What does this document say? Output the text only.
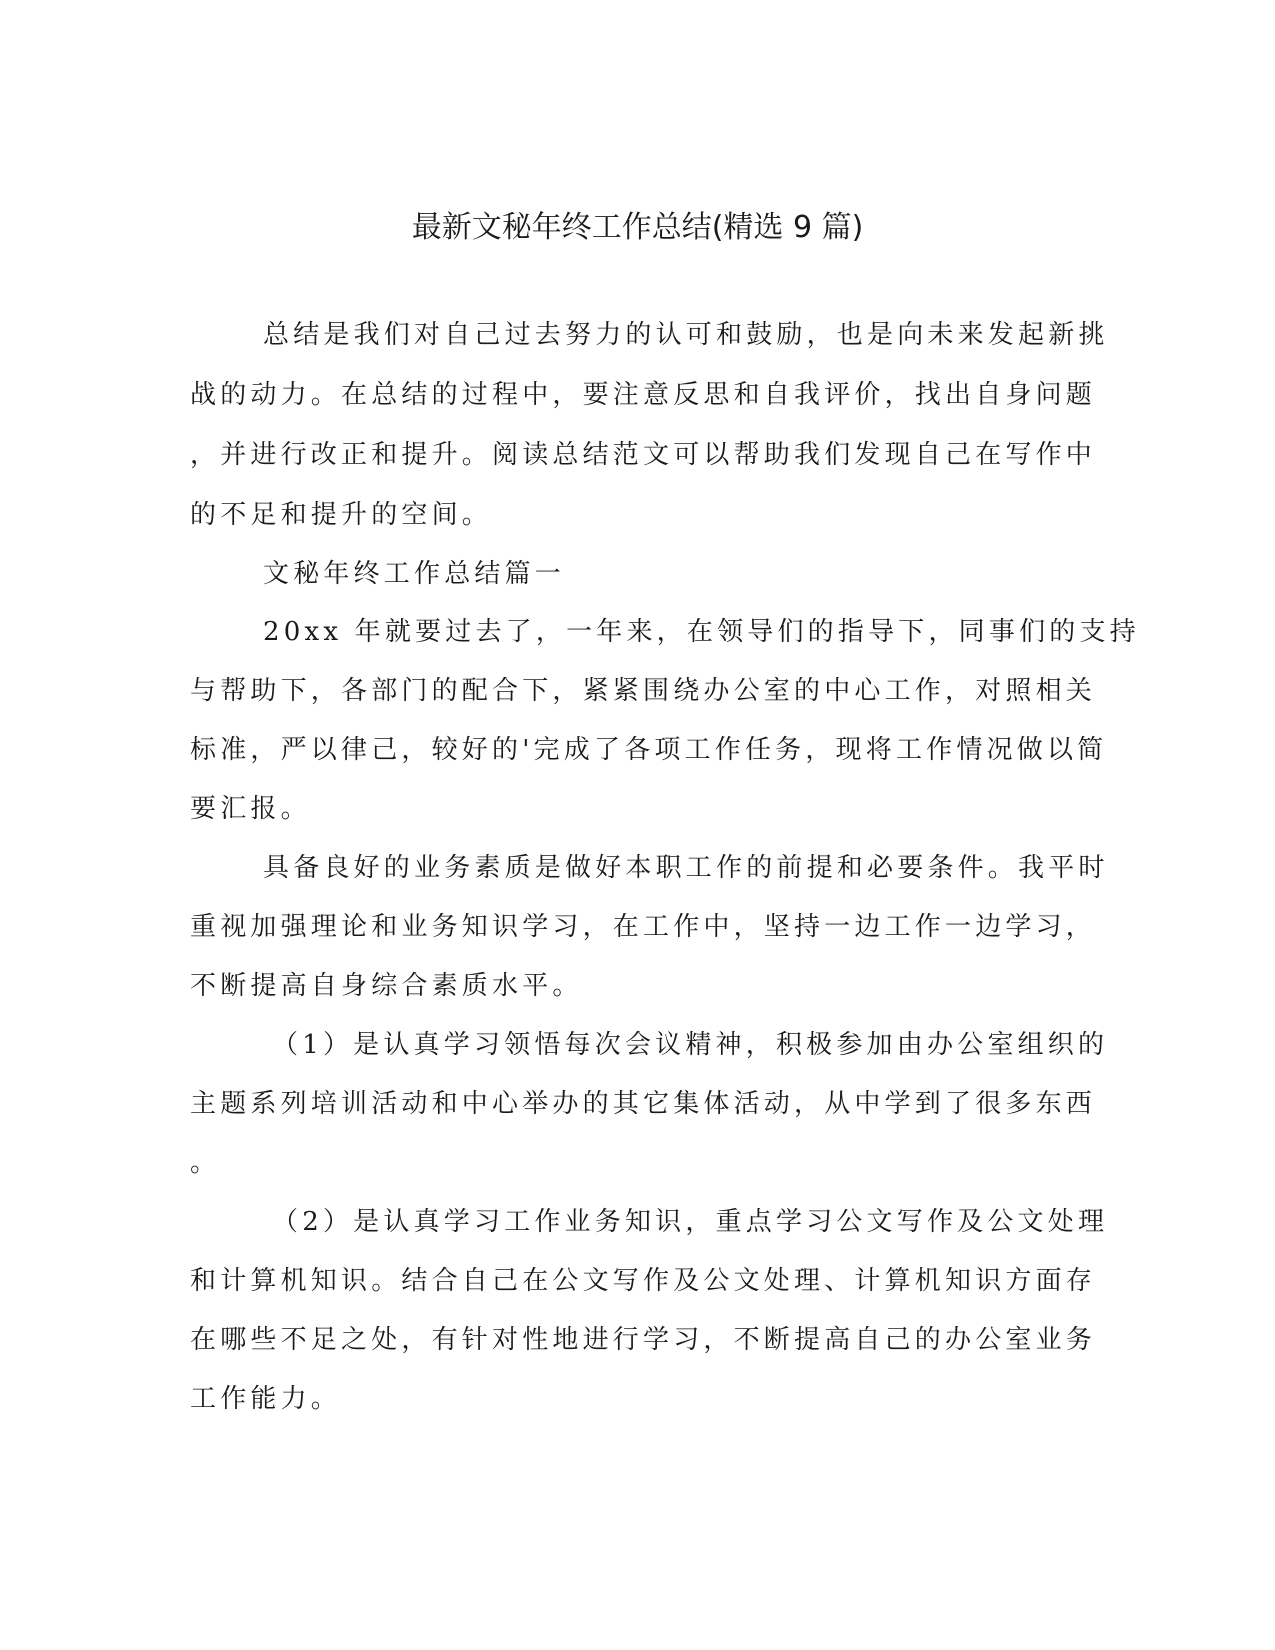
最新文秘年终工作总结(精选 9 篇)
总结是我们对自己过去努力的认可和鼓励，也是向未来发起新挑
战的动力。在总结的过程中，要注意反思和自我评价，找出自身问题
，并进行改正和提升。阅读总结范文可以帮助我们发现自己在写作中
的不足和提升的空间。
文秘年终工作总结篇一
20xx 年就要过去了，一年来，在领导们的指导下，同事们的支持
与帮助下，各部门的配合下，紧紧围绕办公室的中心工作，对照相关
标准，严以律己，较好的'完成了各项工作任务，现将工作情况做以简
要汇报。
具备良好的业务素质是做好本职工作的前提和必要条件。我平时
重视加强理论和业务知识学习，在工作中，坚持一边工作一边学习，
不断提高自身综合素质水平。
（1）是认真学习领悟每次会议精神，积极参加由办公室组织的
主题系列培训活动和中心举办的其它集体活动，从中学到了很多东西
。
（2）是认真学习工作业务知识，重点学习公文写作及公文处理
和计算机知识。结合自己在公文写作及公文处理、计算机知识方面存
在哪些不足之处，有针对性地进行学习，不断提高自己的办公室业务
工作能力。
